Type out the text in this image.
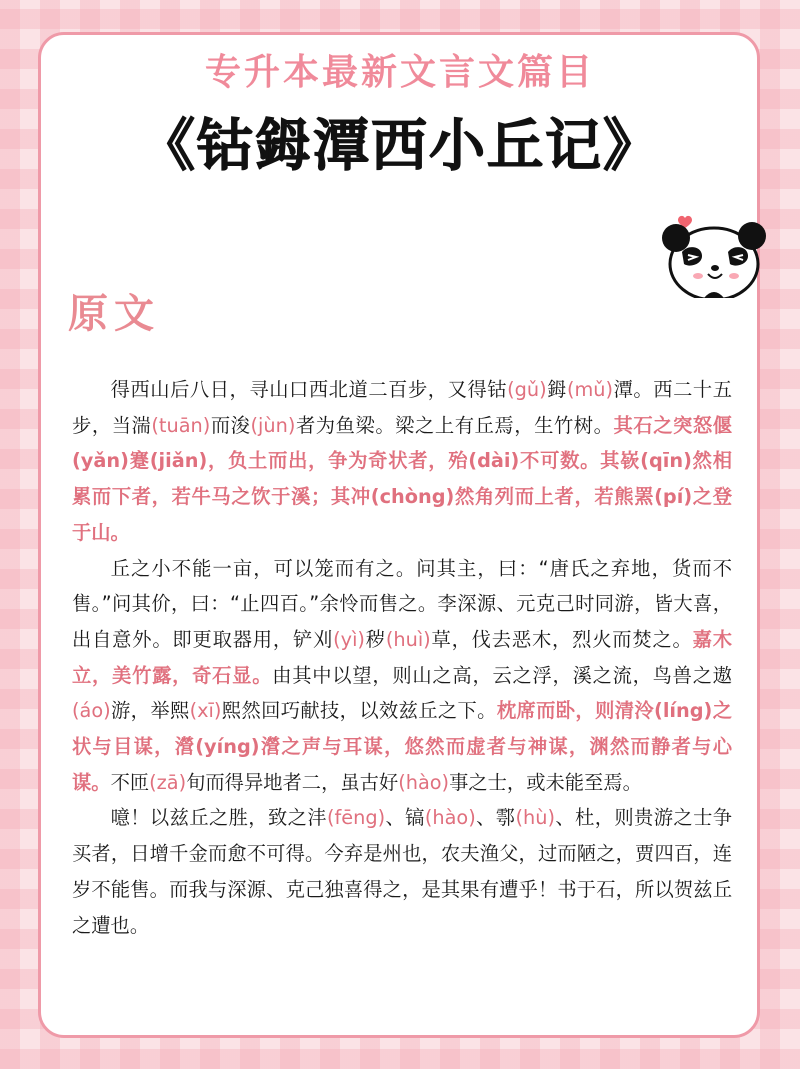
专升本最新文言文篇目
《钴鉧潭西小丘记》
原文

得西山后八日，寻山口西北道二百步，又得钴(gǔ)鉧(mǔ)潭。西二十五步，当湍(tuān)而浚(jùn)者为鱼梁。梁之上有丘焉，生竹树。其石之突怒偃(yǎn)蹇(jiǎn)，负土而出，争为奇状者，殆(dài)不可数。其嵚(qīn)然相累而下者，若牛马之饮于溪；其冲(chòng)然角列而上者，若熊罴(pí)之登于山。

丘之小不能一亩，可以笼而有之。问其主，曰：“唐氏之弃地，货而不售。”问其价，曰：“止四百。”余怜而售之。李深源、元克己时同游，皆大喜，出自意外。即更取器用，铲刈(yì)秽(huì)草，伐去恶木，烈火而焚之。嘉木立，美竹露，奇石显。由其中以望，则山之高，云之浮，溪之流，鸟兽之遨(áo)游，举熙(xī)熙然回巧献技，以效兹丘之下。枕席而卧，则清泠(líng)之状与目谋，瀯(yíng)瀯之声与耳谋，悠然而虚者与神谋，渊然而静者与心谋。不匝(zā)旬而得异地者二，虽古好(hào)事之士，或未能至焉。

噫！以兹丘之胜，致之沣(fēng)、镐(hào)、鄠(hù)、杜，则贵游之士争买者，日增千金而愈不可得。今弃是州也，农夫渔父，过而陋之，贾四百，连岁不能售。而我与深源、克己独喜得之，是其果有遭乎！书于石，所以贺兹丘之遭也。
